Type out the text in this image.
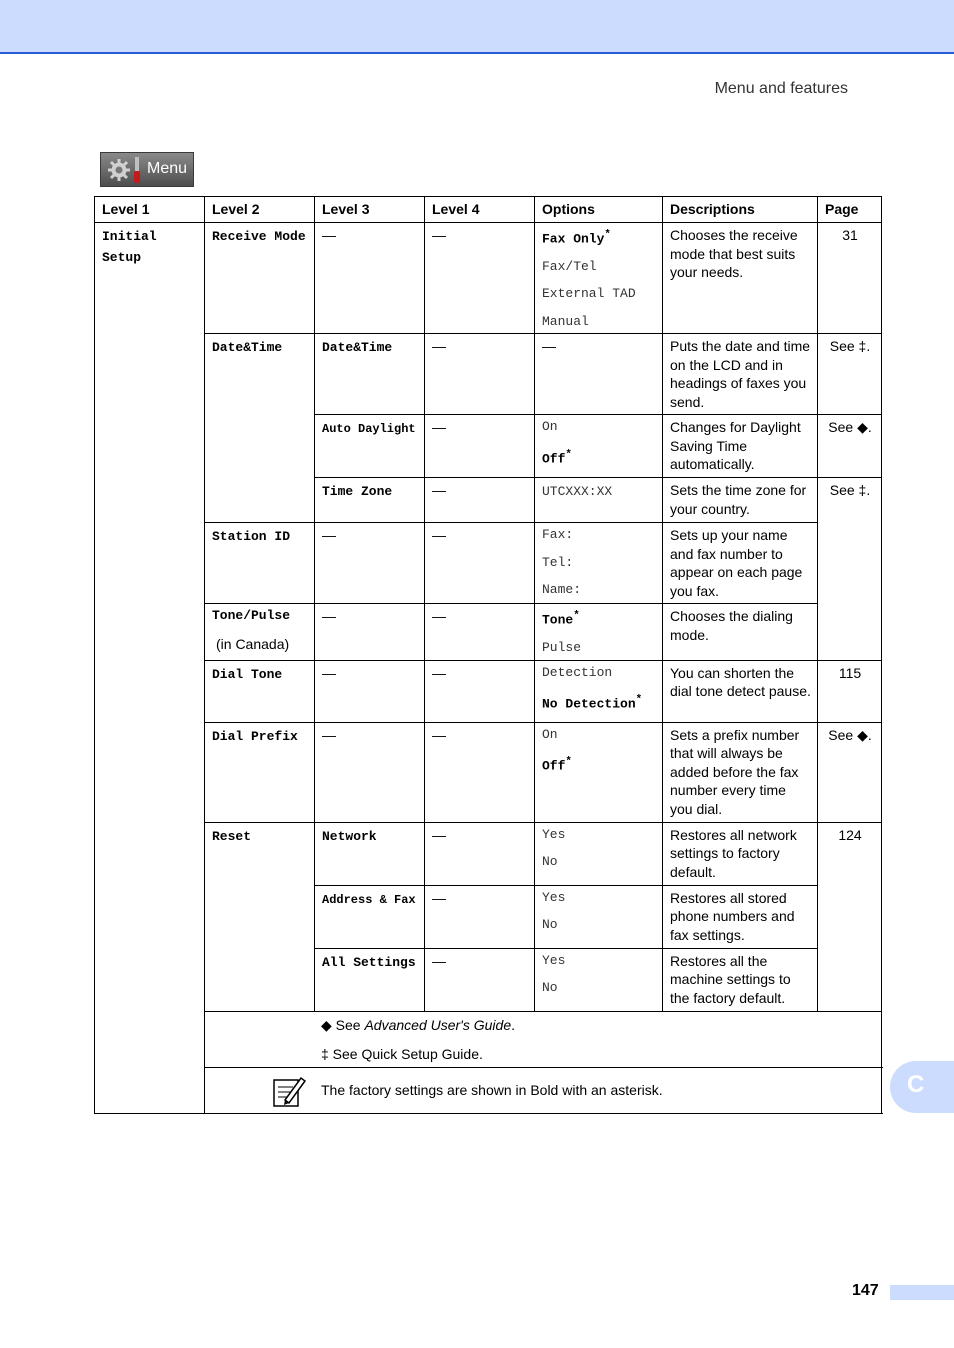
Menu and features
Menu
Level 1	Level 2	Level 3	Level 4	Options	Descriptions	Page
Initial Setup	Receive Mode	—	—	Fax Only*
Fax/Tel
External TAD
Manual	Chooses the receive mode that best suits your needs.	31
	Date&Time	Date&Time	—	—	Puts the date and time on the LCD and in headings of faxes you send.	See ‡.
		Auto Daylight	—	On
Off*	Changes for Daylight Saving Time automatically.	See ◆.
		Time Zone	—	UTCXXX:XX	Sets the time zone for your country.	See ‡.
	Station ID	—	—	Fax:
Tel:
Name:	Sets up your name and fax number to appear on each page you fax.	

	Tone/Pulse
(in Canada)	—	—	Tone*
Pulse	Chooses the dialing mode.	
	Dial Tone	—	—	Detection
No Detection*	You can shorten the dial tone detect pause.	115
	Dial Prefix	—	—	On
Off*	Sets a prefix number that will always be added before the fax number every time you dial.	See ◆.
	Reset	Network	—	Yes
No	Restores all network settings to factory default.	124
		Address & Fax	—	Yes
No	Restores all stored phone numbers and fax settings.	
		All Settings	—	Yes
No	Restores all the machine settings to the factory default.	

	◆ See Advanced User's Guide.
‡ See Quick Setup Guide.					

The factory settings are shown in Bold with an asterisk.						C
147
